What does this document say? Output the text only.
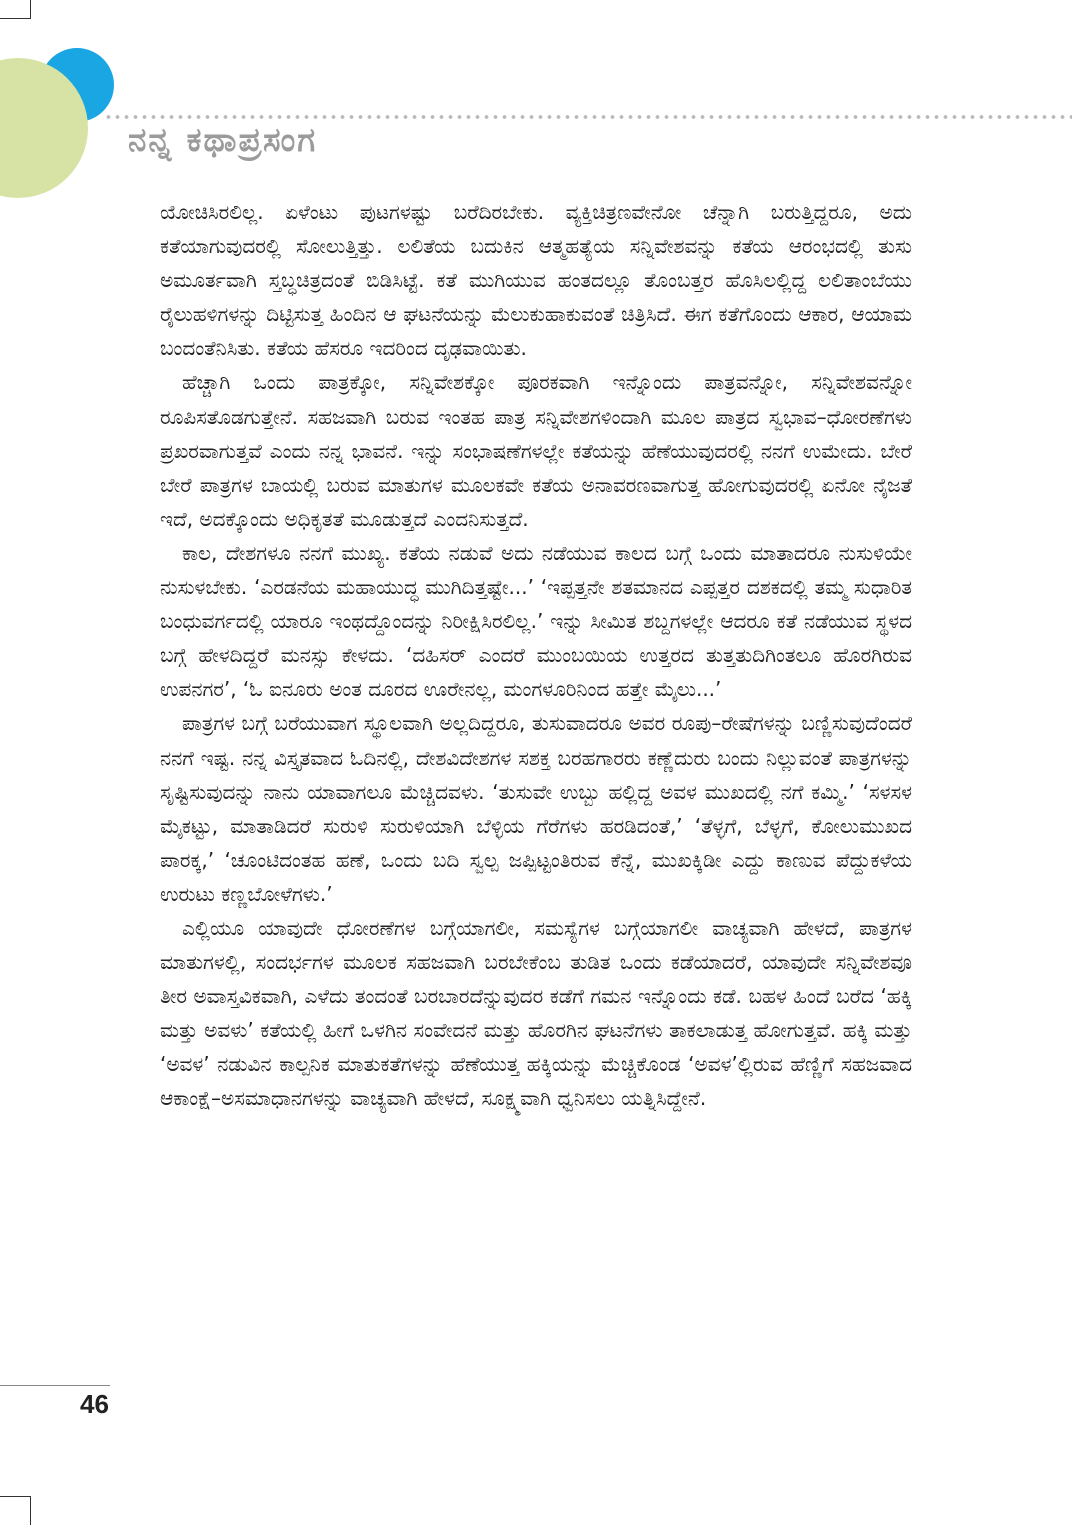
ನನ್ನ ಕಥಾಪ್ರಸಂಗ

ಯೋಚಿಸಿರಲಿಲ್ಲ. ಏಳೆಂಟು ಪುಟಗಳಷ್ಟು ಬರೆದಿರಬೇಕು. ವ್ಯಕ್ತಿಚಿತ್ರಣವೇನೋ ಚೆನ್ನಾಗಿ ಬರುತ್ತಿದ್ದರೂ, ಅದು ಕತೆಯಾಗುವುದರಲ್ಲಿ ಸೋಲುತ್ತಿತ್ತು. ಲಲಿತೆಯ ಬದುಕಿನ ಆತ್ಮಹತ್ಯೆಯ ಸನ್ನಿವೇಶವನ್ನು ಕತೆಯ ಆರಂಭದಲ್ಲಿ ತುಸು ಅಮೂರ್ತವಾಗಿ ಸ್ತಬ್ಧಚಿತ್ರದಂತೆ ಬಿಡಿಸಿಟ್ಟೆ. ಕತೆ ಮುಗಿಯುವ ಹಂತದಲ್ಲೂ ತೊಂಬತ್ತರ ಹೊಸಿಲಲ್ಲಿದ್ದ ಲಲಿತಾಂಬೆಯು ರೈಲುಹಳಿಗಳನ್ನು ದಿಟ್ಟಿಸುತ್ತ ಹಿಂದಿನ ಆ ಘಟನೆಯನ್ನು ಮೆಲುಕುಹಾಕುವಂತೆ ಚಿತ್ರಿಸಿದೆ. ಈಗ ಕತೆಗೊಂದು ಆಕಾರ, ಆಯಾಮ ಬಂದಂತೆನಿಸಿತು. ಕತೆಯ ಹೆಸರೂ ಇದರಿಂದ ದೃಢವಾಯಿತು.

ಹೆಚ್ಚಾಗಿ ಒಂದು ಪಾತ್ರಕ್ಕೋ, ಸನ್ನಿವೇಶಕ್ಕೋ ಪೂರಕವಾಗಿ ಇನ್ನೊಂದು ಪಾತ್ರವನ್ನೋ, ಸನ್ನಿವೇಶವನ್ನೋ ರೂಪಿಸತೊಡಗುತ್ತೇನೆ. ಸಹಜವಾಗಿ ಬರುವ ಇಂತಹ ಪಾತ್ರ ಸನ್ನಿವೇಶಗಳಿಂದಾಗಿ ಮೂಲ ಪಾತ್ರದ ಸ್ವಭಾವ–ಧೋರಣೆಗಳು ಪ್ರಖರವಾಗುತ್ತವೆ ಎಂದು ನನ್ನ ಭಾವನೆ. ಇನ್ನು ಸಂಭಾಷಣೆಗಳಲ್ಲೇ ಕತೆಯನ್ನು ಹೆಣೆಯುವುದರಲ್ಲಿ ನನಗೆ ಉಮೇದು. ಬೇರೆ ಬೇರೆ ಪಾತ್ರಗಳ ಬಾಯಲ್ಲಿ ಬರುವ ಮಾತುಗಳ ಮೂಲಕವೇ ಕತೆಯ ಅನಾವರಣವಾಗುತ್ತ ಹೋಗುವುದರಲ್ಲಿ ಏನೋ ನೈಜತೆ ಇದೆ, ಅದಕ್ಕೊಂದು ಅಧಿಕೃತತೆ ಮೂಡುತ್ತದೆ ಎಂದನಿಸುತ್ತದೆ.

ಕಾಲ, ದೇಶಗಳೂ ನನಗೆ ಮುಖ್ಯ. ಕತೆಯ ನಡುವೆ ಅದು ನಡೆಯುವ ಕಾಲದ ಬಗ್ಗೆ ಒಂದು ಮಾತಾದರೂ ನುಸುಳಿಯೇ ನುಸುಳಬೇಕು. ‘ಎರಡನೆಯ ಮಹಾಯುದ್ಧ ಮುಗಿದಿತ್ತಷ್ಟೇ...’ ‘ಇಪ್ಪತ್ತನೇ ಶತಮಾನದ ಎಪ್ಪತ್ತರ ದಶಕದಲ್ಲಿ ತಮ್ಮ ಸುಧಾರಿತ ಬಂಧುವರ್ಗದಲ್ಲಿ ಯಾರೂ ಇಂಥದ್ದೊಂದನ್ನು ನಿರೀಕ್ಷಿಸಿರಲಿಲ್ಲ.’ ಇನ್ನು ಸೀಮಿತ ಶಬ್ದಗಳಲ್ಲೇ ಆದರೂ ಕತೆ ನಡೆಯುವ ಸ್ಥಳದ ಬಗ್ಗೆ ಹೇಳದಿದ್ದರೆ ಮನಸ್ಸು ಕೇಳದು. ‘ದಹಿಸರ್ ಎಂದರೆ ಮುಂಬಯಿಯ ಉತ್ತರದ ತುತ್ತತುದಿಗಿಂತಲೂ ಹೊರಗಿರುವ ಉಪನಗರ’, ‘ಓ ಐನೂರು ಅಂತ ದೂರದ ಊರೇನಲ್ಲ, ಮಂಗಳೂರಿನಿಂದ ಹತ್ತೇ ಮೈಲು...’

ಪಾತ್ರಗಳ ಬಗ್ಗೆ ಬರೆಯುವಾಗ ಸ್ಥೂಲವಾಗಿ ಅಲ್ಲದಿದ್ದರೂ, ತುಸುವಾದರೂ ಅವರ ರೂಪು–ರೇಷೆಗಳನ್ನು ಬಣ್ಣಿಸುವುದೆಂದರೆ ನನಗೆ ಇಷ್ಟ. ನನ್ನ ವಿಸ್ತೃತವಾದ ಓದಿನಲ್ಲಿ, ದೇಶವಿದೇಶಗಳ ಸಶಕ್ತ ಬರಹಗಾರರು ಕಣ್ಣೆದುರು ಬಂದು ನಿಲ್ಲುವಂತೆ ಪಾತ್ರಗಳನ್ನು ಸೃಷ್ಟಿಸುವುದನ್ನು ನಾನು ಯಾವಾಗಲೂ ಮೆಚ್ಚಿದವಳು. ‘ತುಸುವೇ ಉಬ್ಬು ಹಲ್ಲಿದ್ದ ಅವಳ ಮುಖದಲ್ಲಿ ನಗೆ ಕಮ್ಮಿ.’ ‘ಸಳಸಳ ಮೈಕಟ್ಟು, ಮಾತಾಡಿದರೆ ಸುರುಳಿ ಸುರುಳಿಯಾಗಿ ಬೆಳ್ಳಿಯ ಗೆರೆಗಳು ಹರಡಿದಂತೆ,’ ‘ತೆಳ್ಳಗೆ, ಬೆಳ್ಳಗೆ, ಕೋಲುಮುಖದ ಪಾರಕ್ಕ,’ ‘ಚೂಂಟಿದಂತಹ ಹಣೆ, ಒಂದು ಬದಿ ಸ್ವಲ್ಪ ಜಪ್ಪಿಟ್ಟಂತಿರುವ ಕೆನ್ನೆ, ಮುಖಕ್ಕಿಡೀ ಎದ್ದು ಕಾಣುವ ಪೆದ್ದುಕಳೆಯ ಉರುಟು ಕಣ್ಣಬೋಳೆಗಳು.’

ಎಲ್ಲಿಯೂ ಯಾವುದೇ ಧೋರಣೆಗಳ ಬಗ್ಗೆಯಾಗಲೀ, ಸಮಸ್ಯೆಗಳ ಬಗ್ಗೆಯಾಗಲೀ ವಾಚ್ಯವಾಗಿ ಹೇಳದೆ, ಪಾತ್ರಗಳ ಮಾತುಗಳಲ್ಲಿ, ಸಂದರ್ಭಗಳ ಮೂಲಕ ಸಹಜವಾಗಿ ಬರಬೇಕೆಂಬ ತುಡಿತ ಒಂದು ಕಡೆಯಾದರೆ, ಯಾವುದೇ ಸನ್ನಿವೇಶವೂ ತೀರ ಅವಾಸ್ತವಿಕವಾಗಿ, ಎಳೆದು ತಂದಂತೆ ಬರಬಾರದೆನ್ನುವುದರ ಕಡೆಗೆ ಗಮನ ಇನ್ನೊಂದು ಕಡೆ. ಬಹಳ ಹಿಂದೆ ಬರೆದ ‘ಹಕ್ಕಿ ಮತ್ತು ಅವಳು’ ಕತೆಯಲ್ಲಿ ಹೀಗೆ ಒಳಗಿನ ಸಂವೇದನೆ ಮತ್ತು ಹೊರಗಿನ ಘಟನೆಗಳು ತಾಕಲಾಡುತ್ತ ಹೋಗುತ್ತವೆ. ಹಕ್ಕಿ ಮತ್ತು ‘ಅವಳ’ ನಡುವಿನ ಕಾಲ್ಪನಿಕ ಮಾತುಕತೆಗಳನ್ನು ಹೆಣೆಯುತ್ತ ಹಕ್ಕಿಯನ್ನು ಮೆಚ್ಚಿಕೊಂಡ ‘ಅವಳ’ಲ್ಲಿರುವ ಹೆಣ್ಣಿಗೆ ಸಹಜವಾದ ಆಕಾಂಕ್ಷೆ–ಅಸಮಾಧಾನಗಳನ್ನು ವಾಚ್ಯವಾಗಿ ಹೇಳದೆ, ಸೂಕ್ಷ್ಮವಾಗಿ ಧ್ವನಿಸಲು ಯತ್ನಿಸಿದ್ದೇನೆ.

46
